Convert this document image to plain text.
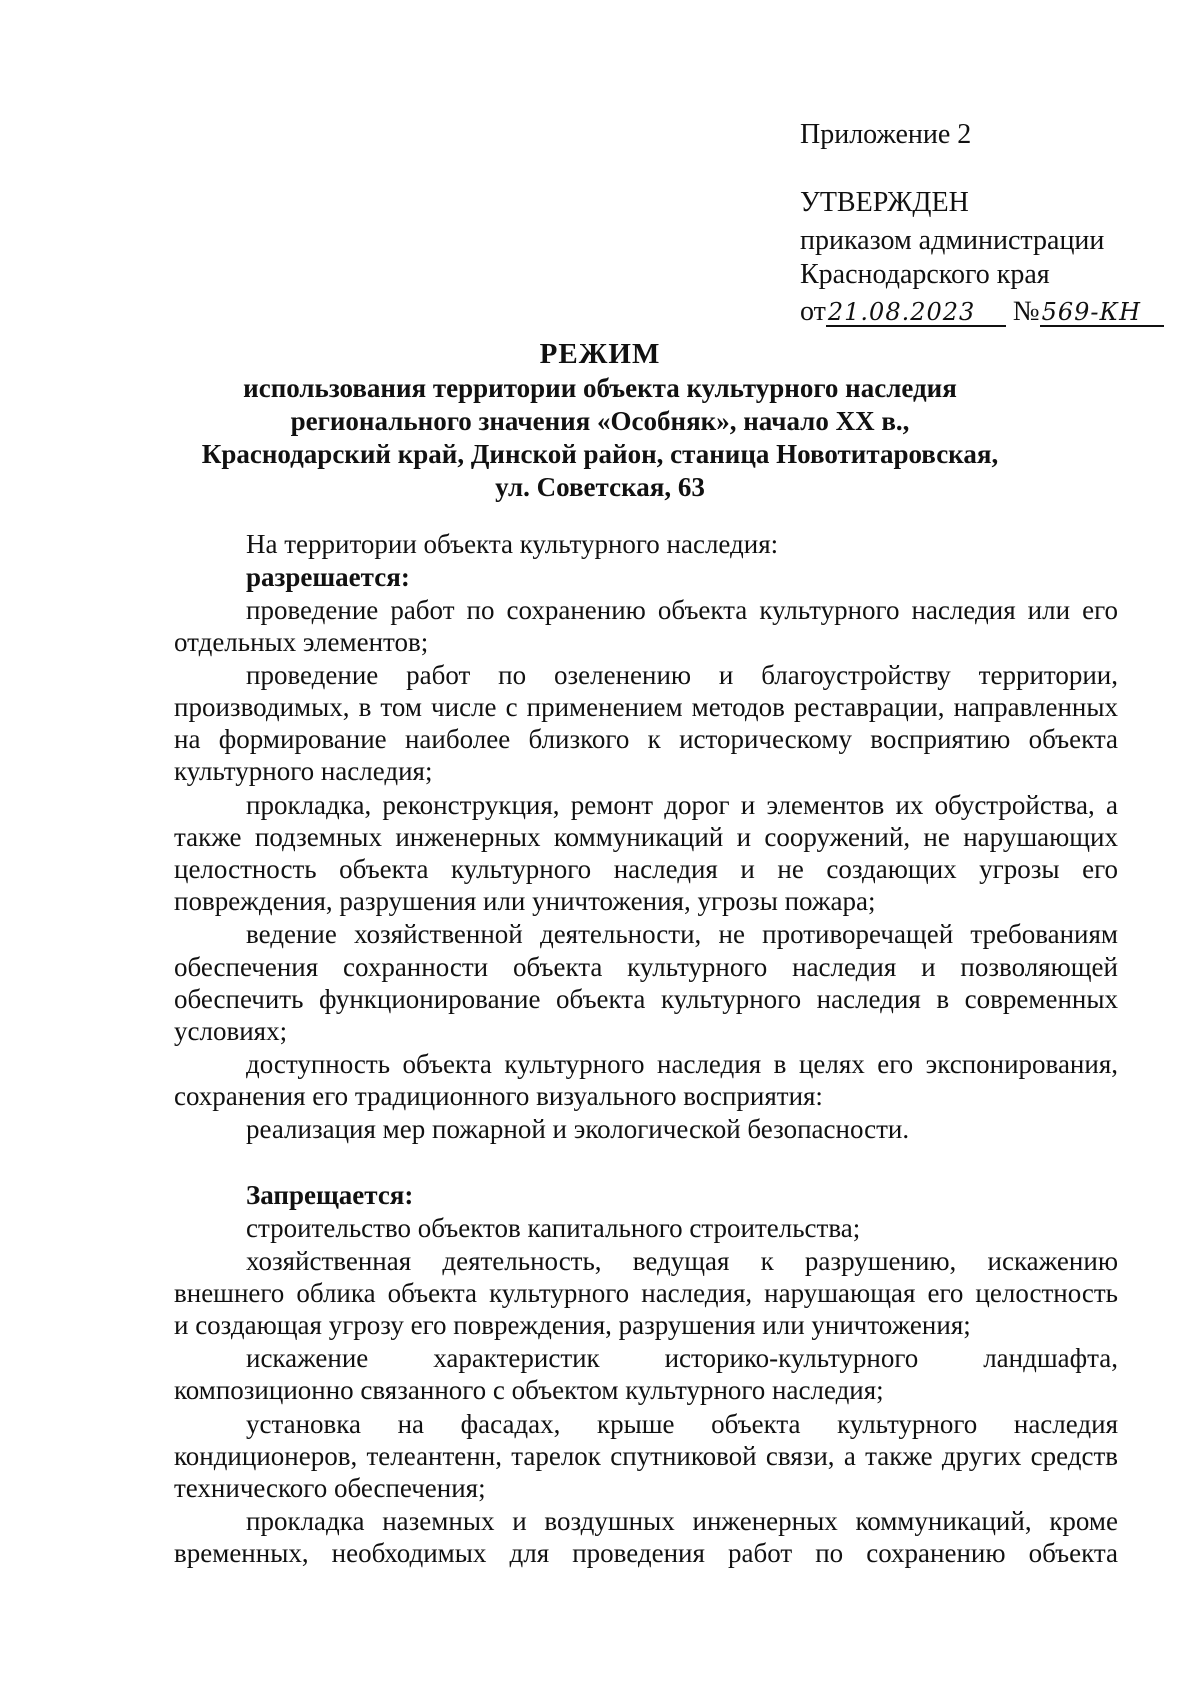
Приложение 2
УТВЕРЖДЕН
приказом администрации
Краснодарского края
от21.08.2023 №569-КН
РЕЖИМ
использования территории объекта культурного наследия
регионального значения «Особняк», начало XX в.,
Краснодарский край, Динской район, станица Новотитаровская,
ул. Советская, 63
На территории объекта культурного наследия:
разрешается:
проведение работ по сохранению объекта культурного наследия или его
отдельных элементов;
проведение работ по озеленению и благоустройству территории,
производимых, в том числе с применением методов реставрации, направленных
на формирование наиболее близкого к историческому восприятию объекта
культурного наследия;
прокладка, реконструкция, ремонт дорог и элементов их обустройства, а
также подземных инженерных коммуникаций и сооружений, не нарушающих
целостность объекта культурного наследия и не создающих угрозы его
повреждения, разрушения или уничтожения, угрозы пожара;
ведение хозяйственной деятельности, не противоречащей требованиям
обеспечения сохранности объекта культурного наследия и позволяющей
обеспечить функционирование объекта культурного наследия в современных
условиях;
доступность объекта культурного наследия в целях его экспонирования,
сохранения его традиционного визуального восприятия:
реализация мер пожарной и экологической безопасности.
Запрещается:
строительство объектов капитального строительства;
хозяйственная деятельность, ведущая к разрушению, искажению
внешнего облика объекта культурного наследия, нарушающая его целостность
и создающая угрозу его повреждения, разрушения или уничтожения;
искажение характеристик историко-культурного ландшафта,
композиционно связанного с объектом культурного наследия;
установка на фасадах, крыше объекта культурного наследия
кондиционеров, телеантенн, тарелок спутниковой связи, а также других средств
технического обеспечения;
прокладка наземных и воздушных инженерных коммуникаций, кроме
временных, необходимых для проведения работ по сохранению объекта
